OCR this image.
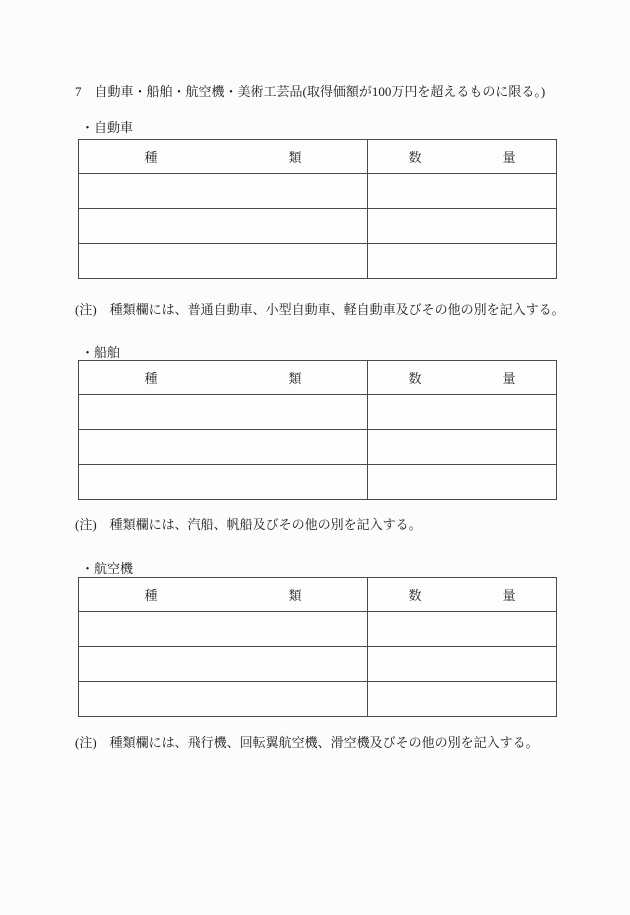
7　自動車・船舶・航空機・美術工芸品(取得価額が100万円を超えるものに限る。)
・自動車
種 類	数 量

(注)　種類欄には、普通自動車、小型自動車、軽自動車及びその他の別を記入する。
・船舶
種 類	数 量

(注)　種類欄には、汽船、帆船及びその他の別を記入する。
・航空機
種 類	数 量

(注)　種類欄には、飛行機、回転翼航空機、滑空機及びその他の別を記入する。
